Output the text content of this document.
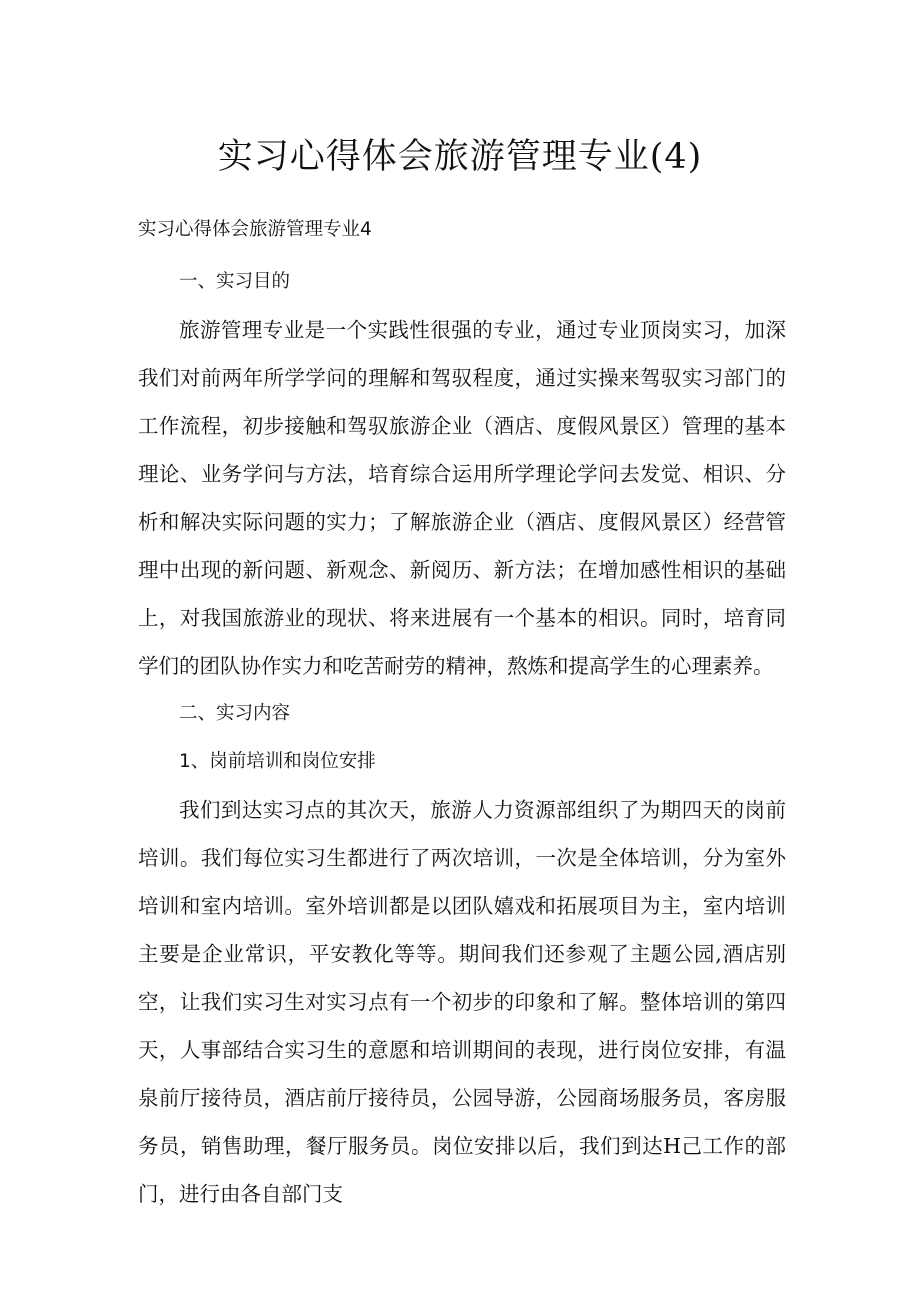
实习心得体会旅游管理专业(4)

实习心得体会旅游管理专业4

一、实习目的

旅游管理专业是一个实践性很强的专业，通过专业顶岗实习，加深我们对前两年所学学问的理解和驾驭程度，通过实操来驾驭实习部门的工作流程，初步接触和驾驭旅游企业（酒店、度假风景区）管理的基本理论、业务学问与方法，培育综合运用所学理论学问去发觉、相识、分析和解决实际问题的实力；了解旅游企业（酒店、度假风景区）经营管理中出现的新问题、新观念、新阅历、新方法；在增加感性相识的基础上，对我国旅游业的现状、将来进展有一个基本的相识。同时，培育同学们的团队协作实力和吃苦耐劳的精神，熬炼和提高学生的心理素养。

二、实习内容

1、岗前培训和岗位安排

我们到达实习点的其次天，旅游人力资源部组织了为期四天的岗前培训。我们每位实习生都进行了两次培训，一次是全体培训，分为室外培训和室内培训。室外培训都是以团队嬉戏和拓展项目为主，室内培训主要是企业常识，平安教化等等。期间我们还参观了主题公园,酒店别空，让我们实习生对实习点有一个初步的印象和了解。整体培训的第四天，人事部结合实习生的意愿和培训期间的表现，进行岗位安排，有温泉前厅接待员，酒店前厅接待员，公园导游，公园商场服务员，客房服务员，销售助理，餐厅服务员。岗位安排以后，我们到达H己工作的部门，进行由各自部门支
